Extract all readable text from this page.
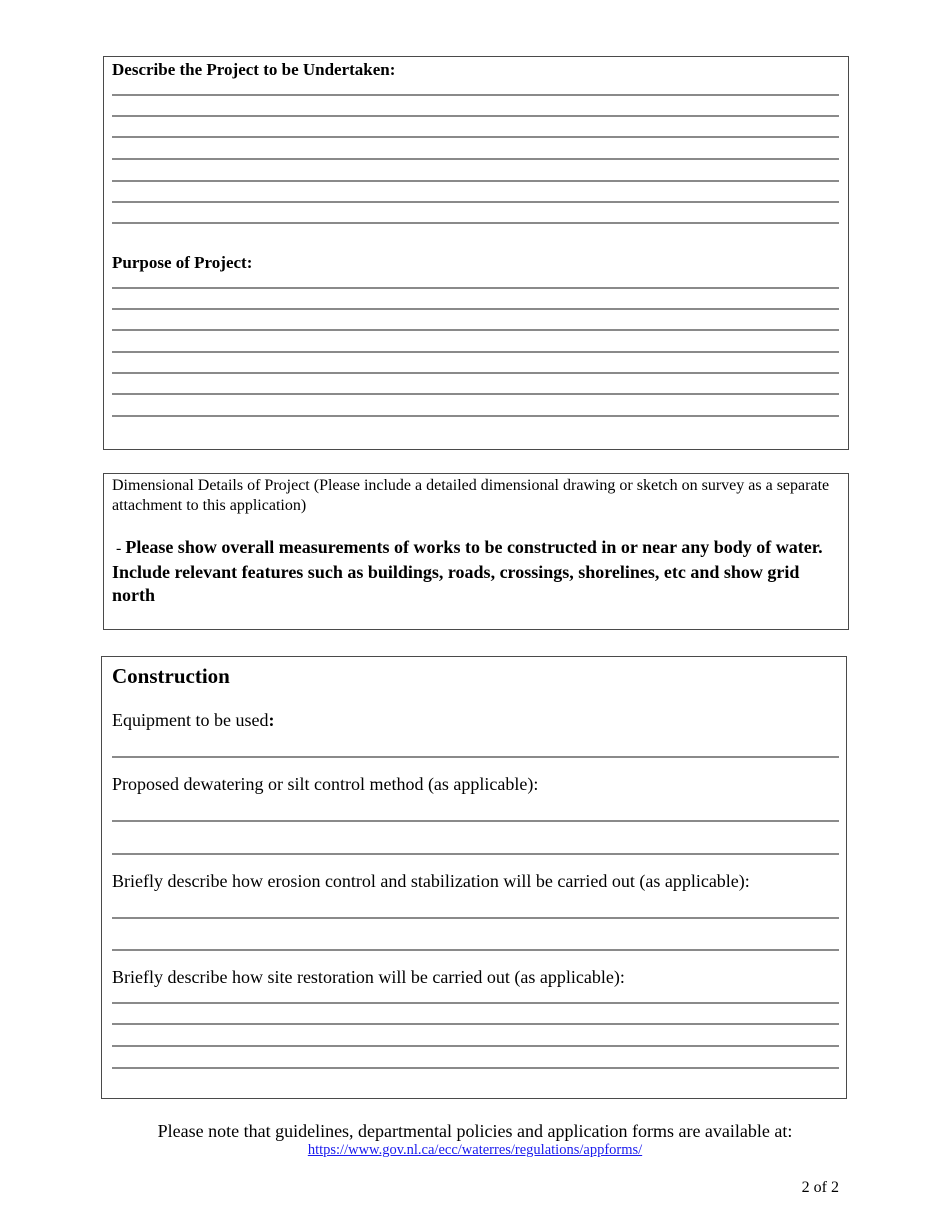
Describe the Project to be Undertaken:
Purpose of Project:
Dimensional Details of Project (Please include a detailed dimensional drawing or sketch on survey as a separate attachment to this application)
- Please show overall measurements of works to be constructed in or near any body of water. Include relevant features such as buildings, roads, crossings, shorelines, etc and show grid north
Construction
Equipment to be used:
Proposed dewatering or silt control method (as applicable):
Briefly describe how erosion control and stabilization will be carried out (as applicable):
Briefly describe how site restoration will be carried out (as applicable):
Please note that guidelines, departmental policies and application forms are available at:
https://www.gov.nl.ca/ecc/waterres/regulations/appforms/
2 of 2
